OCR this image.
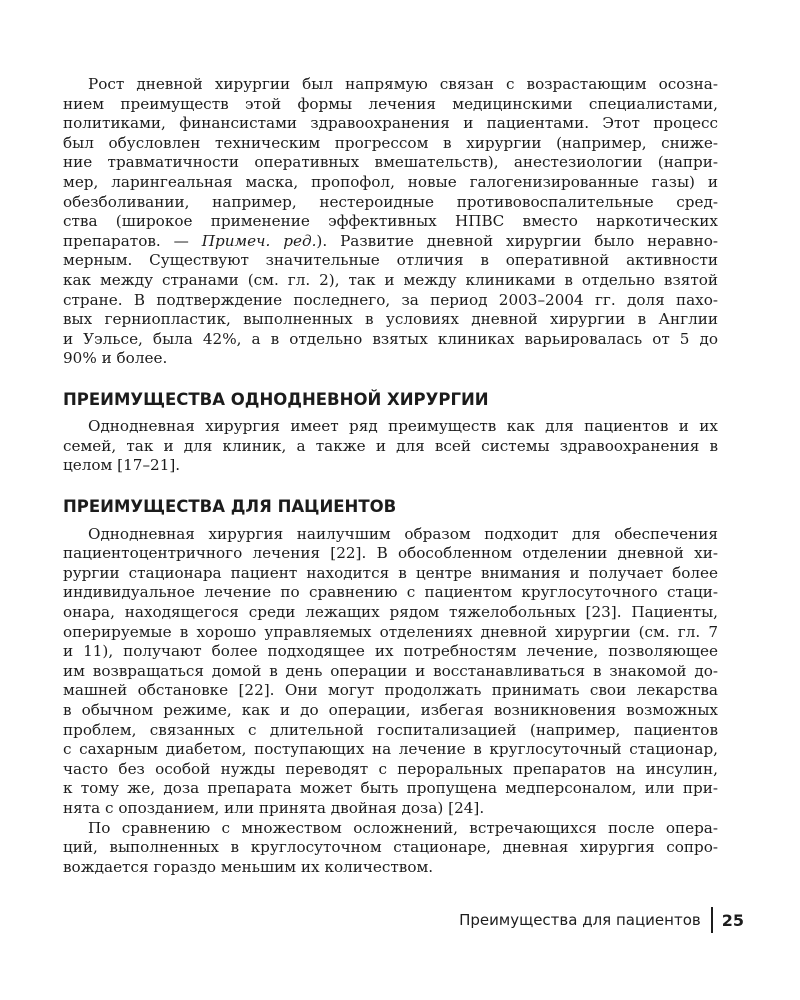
Рост дневной хирургии был напрямую связан с возрастающим осозна-
нием преимуществ этой формы лечения медицинскими специалистами,
политиками, финансистами здравоохранения и пациентами. Этот процесс
был обусловлен техническим прогрессом в хирургии (например, сниже-
ние травматичности оперативных вмешательств), анестезиологии (напри-
мер, ларингеальная маска, пропофол, новые галогенизированные газы) и
обезболивании, например, нестероидные противовоспалительные сред-
ства (широкое применение эффективных НПВС вместо наркотических
препаратов. — Примеч. ред.). Развитие дневной хирургии было неравно-
мерным. Существуют значительные отличия в оперативной активности
как между странами (см. гл. 2), так и между клиниками в отдельно взятой
стране. В подтверждение последнего, за период 2003–2004 гг. доля пахо-
вых герниопластик, выполненных в условиях дневной хирургии в Англии
и Уэльсе, была 42%, а в отдельно взятых клиниках варьировалась от 5 до
90% и более.
ПРЕИМУЩЕСТВА ОДНОДНЕВНОЙ ХИРУРГИИ
Однодневная хирургия имеет ряд преимуществ как для пациентов и их
семей, так и для клиник, а также и для всей системы здравоохранения в
целом [17–21].
ПРЕИМУЩЕСТВА ДЛЯ ПАЦИЕНТОВ
Однодневная хирургия наилучшим образом подходит для обеспечения
пациентоцентричного лечения [22]. В обособленном отделении дневной хи-
рургии стационара пациент находится в центре внимания и получает более
индивидуальное лечение по сравнению с пациентом круглосуточного стаци-
онара, находящегося среди лежащих рядом тяжелобольных [23]. Пациенты,
оперируемые в хорошо управляемых отделениях дневной хирургии (см. гл. 7
и 11), получают более подходящее их потребностям лечение, позволяющее
им возвращаться домой в день операции и восстанавливаться в знакомой до-
машней обстановке [22]. Они могут продолжать принимать свои лекарства
в обычном режиме, как и до операции, избегая возникновения возможных
проблем, связанных с длительной госпитализацией (например, пациентов
с сахарным диабетом, поступающих на лечение в круглосуточный стационар,
часто без особой нужды переводят с пероральных препаратов на инсулин,
к тому же, доза препарата может быть пропущена медперсоналом, или при-
нята с опозданием, или принята двойная доза) [24].
По сравнению с множеством осложнений, встречающихся после опера-
ций, выполненных в круглосуточном стационаре, дневная хирургия сопро-
вождается гораздо меньшим их количеством.
Преимущества для пациентов 25
